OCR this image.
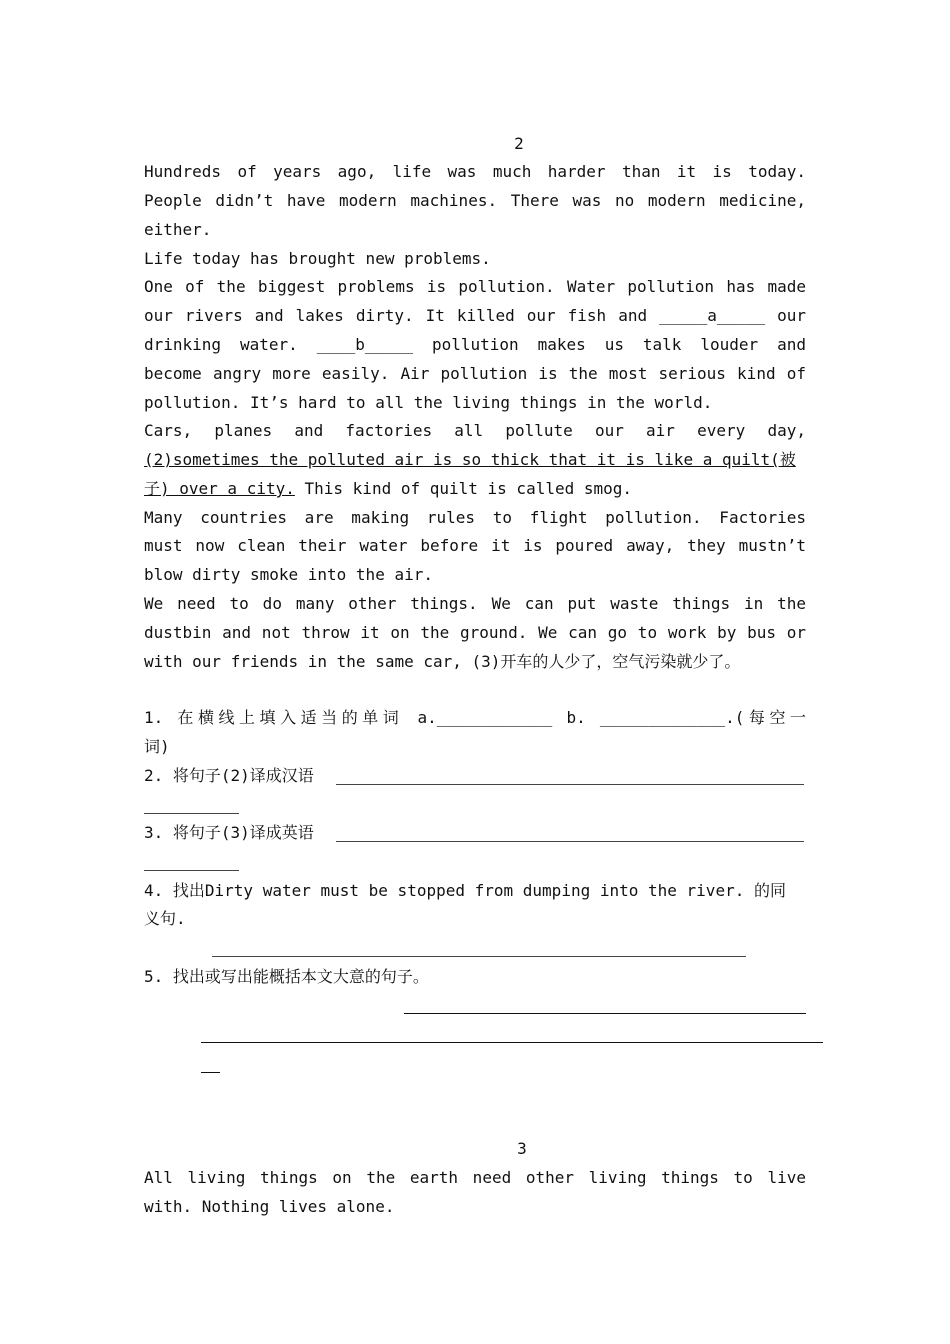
2
Hundreds of years ago, life was much harder than it is today.
People didn’t have modern machines. There was no modern medicine,
either.
Life today has brought new problems.
One of the biggest problems is pollution. Water pollution has made
our rivers and lakes dirty. It killed our fish and _____a_____ our
drinking water. ____b_____ pollution makes us talk louder and
become angry more easily. Air pollution is the most serious kind of
pollution. It’s hard to all the living things in the world.
Cars, planes and factories all pollute our air every day,
(2)sometimes the polluted air is so thick that it is like a quilt(被
子) over a city. This kind of quilt is called smog.
Many countries are making rules to flight pollution. Factories
must now clean their water before it is poured away, they mustn’t
blow dirty smoke into the air.
We need to do many other things. We can put waste things in the
dustbin and not throw it on the ground. We can go to work by bus or
with our friends in the same car, (3)开车的人少了，空气污染就少了。
1. 在横线上填入适当的单词 a.____________ b. _____________.(每空一
词)
2. 将句子(2)译成汉语
3. 将句子(3)译成英语
4. 找出Dirty water must be stopped from dumping into the river. 的同
义句.
5. 找出或写出能概括本文大意的句子。
3
All living things on the earth need other living things to live
with. Nothing lives alone.
